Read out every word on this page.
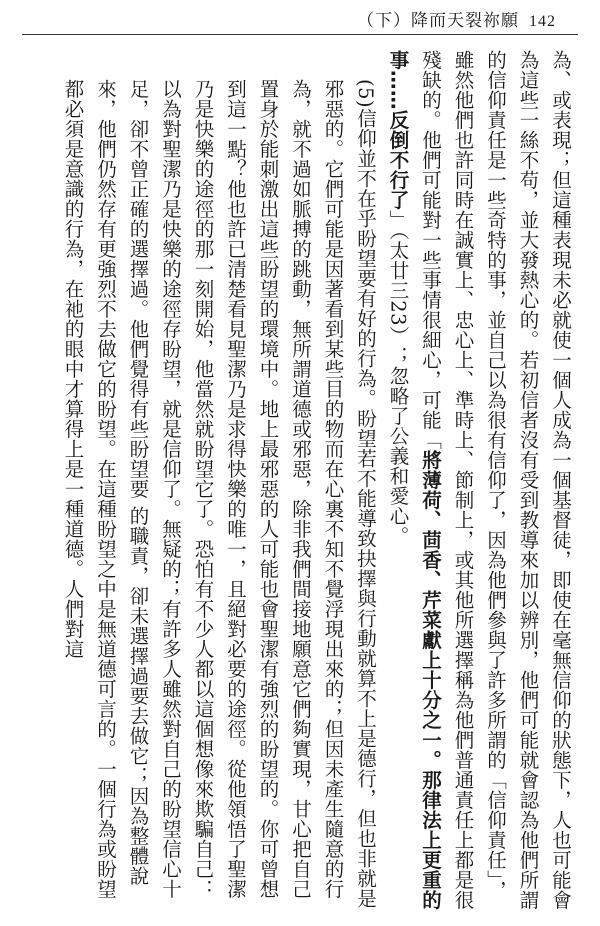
（下）降而天裂祢願 142

為、或表現；但這種表現未必就使一個人成為一個基督徒，即使在毫無信仰的狀態下，人也可能會為這些一絲不苟，並大發熱心的。若初信者沒有受到教導來加以辨別，他們可能就會認為他們所謂的信仰責任是一些奇特的事，並自己以為很有信仰了，因為他們參與了許多所謂的「信仰責任」，雖然他們也許同時在誠實上、忠心上、準時上、節制上，或其他所選擇稱為他們普通責任上都是很殘缺的。他們可能對一些事情很細心，可能「將薄荷、茴香、芹菜獻上十分之一。那律法上更重的事……反倒不行了」（太廿三23）；忽略了公義和愛心。

(5)信仰並不在乎盼望要有好的行為。盼望若不能導致抉擇與行動就算不上是德行，但也非就是邪惡的。它們可能是因著看到某些目的物而在心裏不知不覺浮現出來的；但因未產生隨意的行為，就不過如脈搏的跳動，無所謂道德或邪惡，除非我們間接地願意它們夠實現，甘心把自己置身於能刺激出這些盼望的環境中。地上最邪惡的人可能也會聖潔有強烈的盼望的。你可曾想到這一點？他也許已清楚看見聖潔乃是求得快樂的唯一，且絕對必要的途徑。從他領悟了聖潔乃是快樂的途徑的那一刻開始，他當然就盼望它了。恐怕有不少人都以這個想像來欺騙自己：以為對聖潔乃是快樂的途徑存盼望，就是信仰了。無疑的；有許多人雖然對自己的盼望信心十足，卻不曾正確的選擇過。他們覺得有些盼望要 的職責，卻未選擇過要去做它；因為整體說來，他們仍然存有更強烈不去做它的盼望。在這種盼望之中是無道德可言的。一個行為或盼望都必須是意識的行為，在祂的眼中才算得上是一種道德。人們對這
